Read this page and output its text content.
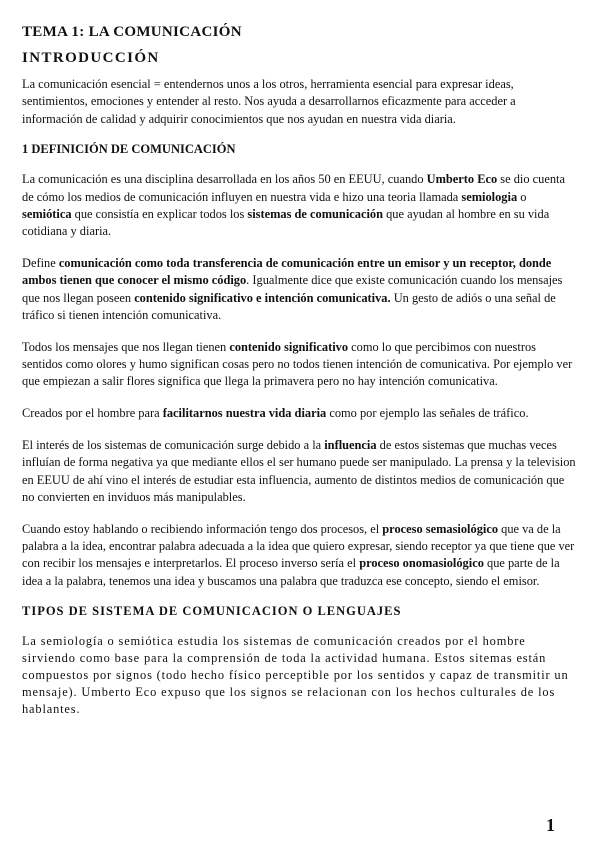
TEMA 1: LA COMUNICACIÓN
INTRODUCCIÓN

La comunicación esencial = entendernos unos a los otros, herramienta esencial para expresar ideas, sentimientos, emociones y entender al resto. Nos ayuda a desarrollarnos eficazmente para acceder a información de calidad y adquirir conocimientos que nos ayudan en nuestra vida diaria.

1 DEFINICIÓN DE COMUNICACIÓN

La comunicación es una disciplina desarrollada en los años 50 en EEUU, cuando Umberto Eco se dio cuenta de cómo los medios de comunicación influyen en nuestra vida e hizo una teoria llamada semiologia o semiótica que consistía en explicar todos los sistemas de comunicación que ayudan al hombre en su vida cotidiana y diaria.

Define comunicación como toda transferencia de comunicación entre un emisor y un receptor, donde ambos tienen que conocer el mismo código. Igualmente dice que existe comunicación cuando los mensajes que nos llegan poseen contenido significativo e intención comunicativa. Un gesto de adiós o una señal de tráfico si tienen intención comunicativa.

Todos los mensajes que nos llegan tienen contenido significativo como lo que percibimos con nuestros sentidos como olores y humo significan cosas pero no todos tienen intención de comunicativa. Por ejemplo ver que empiezan a salir flores significa que llega la primavera pero no hay intención comunicativa.

Creados por el hombre para facilitarnos nuestra vida diaria como por ejemplo las señales de tráfico.

El interés de los sistemas de comunicación surge debido a la influencia de estos sistemas que muchas veces influían de forma negativa ya que mediante ellos el ser humano puede ser manipulado. La prensa y la television en EEUU de ahí vino el interés de estudiar esta influencia, aumento de distintos medios de comunicación que no convierten en inviduos más manipulables.

Cuando estoy hablando o recibiendo información tengo dos procesos, el proceso semasiológico que va de la palabra a la idea, encontrar palabra adecuada a la idea que quiero expresar, siendo receptor ya que tiene que ver con recibir los mensajes e interpretarlos. El proceso inverso sería el proceso onomasiológico que parte de la idea a la palabra, tenemos una idea y buscamos una palabra que traduzca ese concepto, siendo el emisor.

TIPOS DE SISTEMA DE COMUNICACION O LENGUAJES

La semiología o semiótica estudia los sistemas de comunicación creados por el hombre sirviendo como base para la comprensión de toda la actividad humana. Estos sitemas están compuestos por signos (todo hecho físico perceptible por los sentidos y capaz de transmitir un mensaje). Umberto Eco expuso que los signos se relacionan con los hechos culturales de los hablantes.

1
